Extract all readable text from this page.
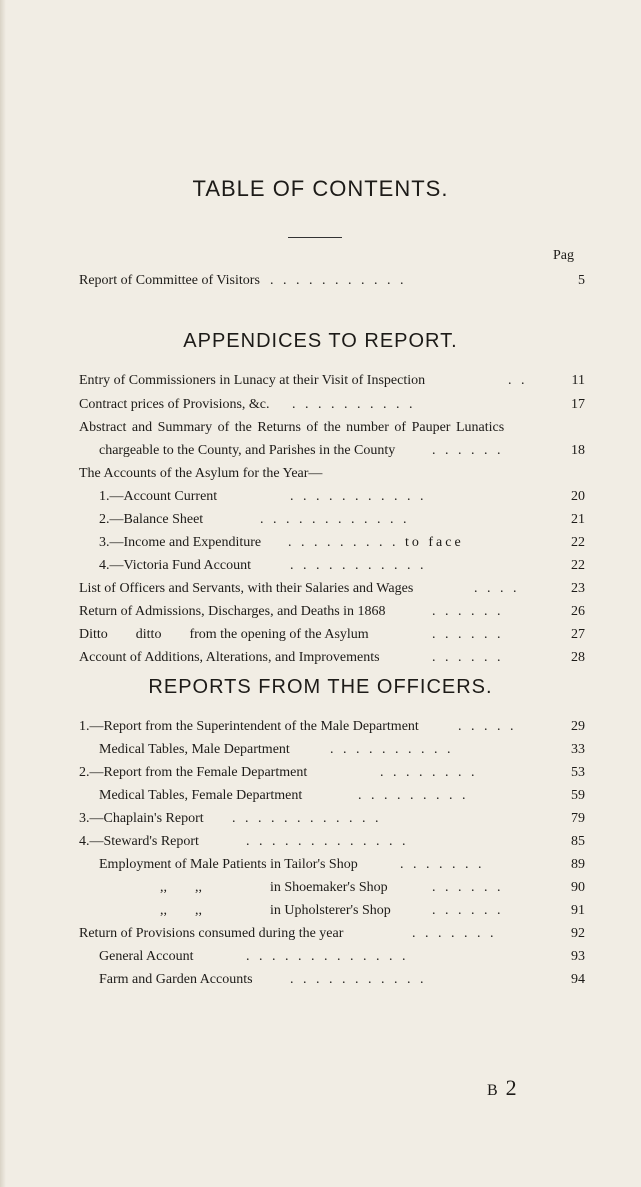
TABLE OF CONTENTS.
Pag
Report of Committee of Visitors . . . . . . . . . . .	5
APPENDICES TO REPORT.
Entry of Commissioners in Lunacy at their Visit of Inspection	. .	11
Contract prices of Provisions, &c. . . . . . . . . . .	17
Abstract and Summary of the Returns of the number of Pauper Lunatics
chargeable to the County, and Parishes in the County	. . . . . .	18
The Accounts of the Asylum for the Year—
1.—Account Current	. . . . . . . . . . .	20
2.—Balance Sheet	. . . . . . . . . . . .	21
3.—Income and Expenditure . . . . . . . . . to face	22
4.—Victoria Fund Account	. . . . . . . . . . .	22
List of Officers and Servants, with their Salaries and Wages	. . . .	23
Return of Admissions, Discharges, and Deaths in 1868	. . . . . .	26
Ditto        ditto        from the opening of the Asylum	. . . . . .	27
Account of Additions, Alterations, and Improvements	. . . . . .	28
REPORTS FROM THE OFFICERS.
1.—Report from the Superintendent of the Male Department	. . . . .	29
Medical Tables, Male Department	. . . . . . . . . .	33
2.—Report from the Female Department	. . . . . . . .	53
Medical Tables, Female Department	. . . . . . . . .	59
3.—Chaplain's Report . . . . . . . . . . . .	79
4.—Steward's Report	. . . . . . . . . . . . .	85
Employment of Male Patients in Tailor's Shop	. . . . . . .	89
,,        ,,	in Shoemaker's Shop	. . . . . .	90
,,        ,,	in Upholsterer's Shop	. . . . . .	91
Return of Provisions consumed during the year	. . . . . . .	92
General Account	. . . . . . . . . . . . .	93
Farm and Garden Accounts	. . . . . . . . . . .	94
B 2
